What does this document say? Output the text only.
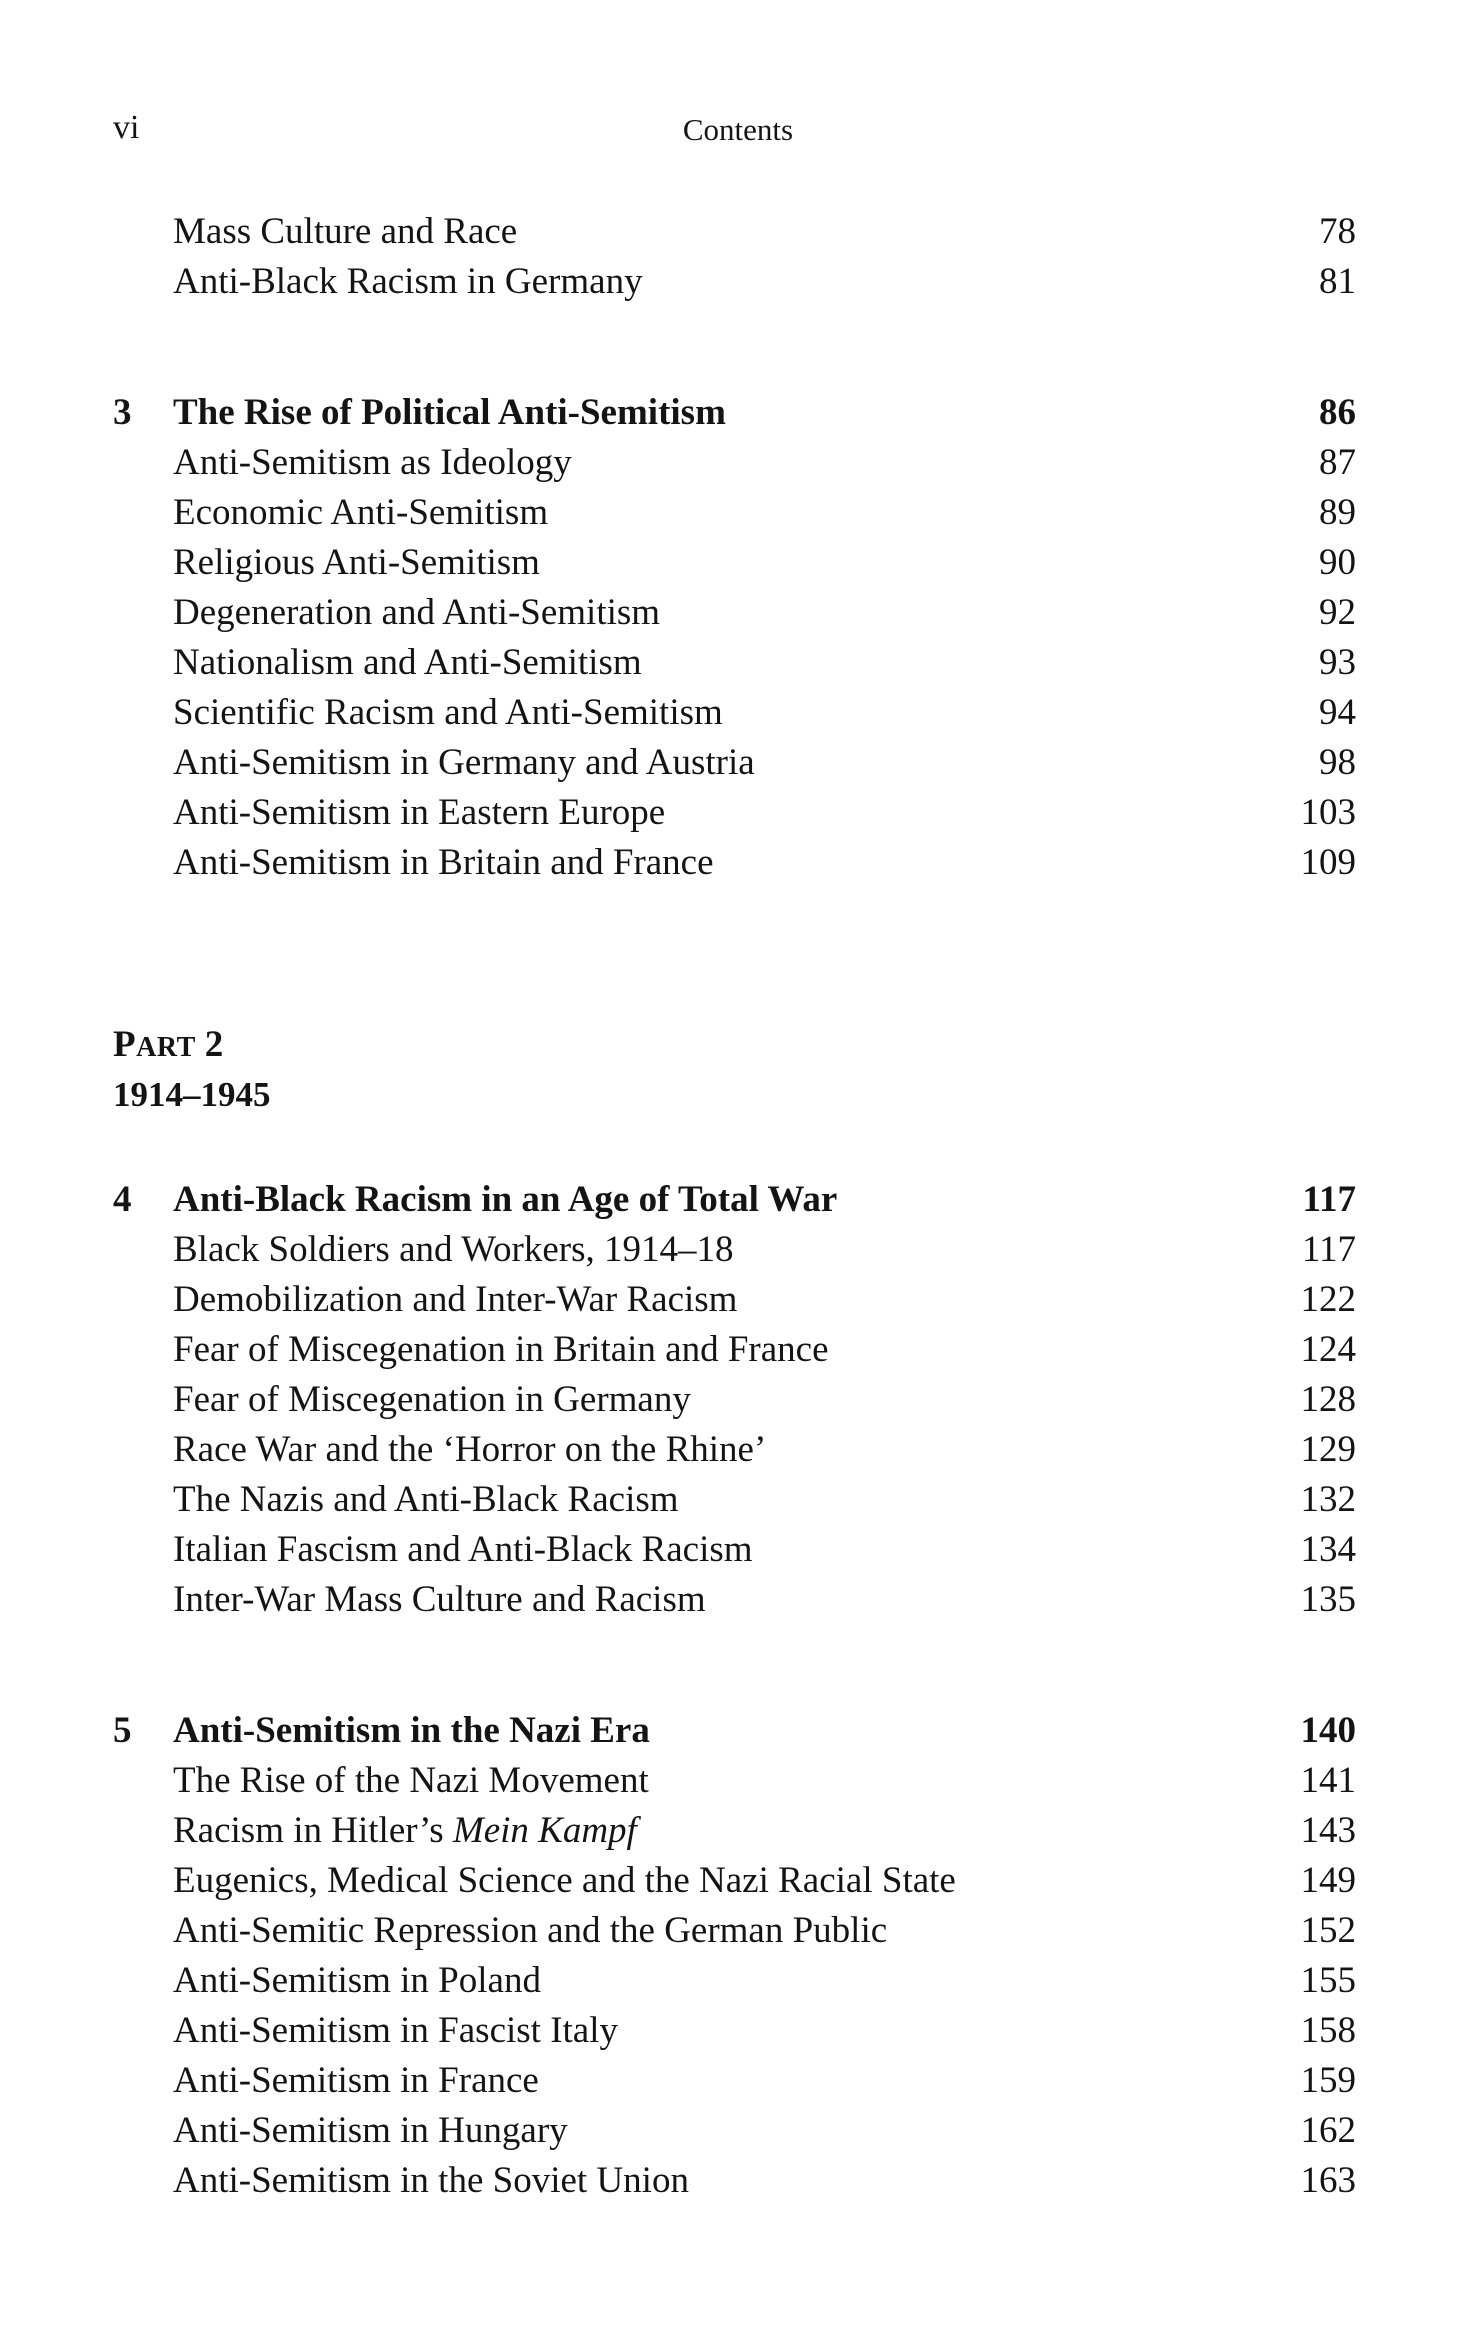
vi	Contents
Mass Culture and Race	78
Anti-Black Racism in Germany	81
3 The Rise of Political Anti-Semitism	86
Anti-Semitism as Ideology	87
Economic Anti-Semitism	89
Religious Anti-Semitism	90
Degeneration and Anti-Semitism	92
Nationalism and Anti-Semitism	93
Scientific Racism and Anti-Semitism	94
Anti-Semitism in Germany and Austria	98
Anti-Semitism in Eastern Europe	103
Anti-Semitism in Britain and France	109
PART 2
1914–1945
4 Anti-Black Racism in an Age of Total War	117
Black Soldiers and Workers, 1914–18	117
Demobilization and Inter-War Racism	122
Fear of Miscegenation in Britain and France	124
Fear of Miscegenation in Germany	128
Race War and the ‘Horror on the Rhine’	129
The Nazis and Anti-Black Racism	132
Italian Fascism and Anti-Black Racism	134
Inter-War Mass Culture and Racism	135
5 Anti-Semitism in the Nazi Era	140
The Rise of the Nazi Movement	141
Racism in Hitler’s Mein Kampf	143
Eugenics, Medical Science and the Nazi Racial State	149
Anti-Semitic Repression and the German Public	152
Anti-Semitism in Poland	155
Anti-Semitism in Fascist Italy	158
Anti-Semitism in France	159
Anti-Semitism in Hungary	162
Anti-Semitism in the Soviet Union	163
